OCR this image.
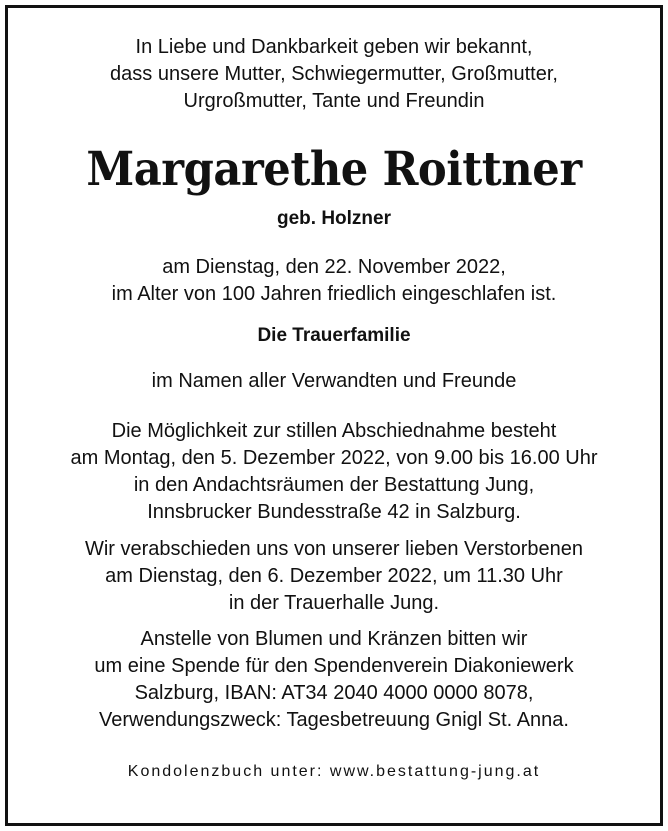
In Liebe und Dankbarkeit geben wir bekannt,

dass unsere Mutter, Schwiegermutter, Großmutter,

Urgroßmutter, Tante und Freundin

Margarethe Roittner
geb. Holzner

am Dienstag, den 22. November 2022,

im Alter von 100 Jahren friedlich eingeschlafen ist.

Die Trauerfamilie
im Namen aller Verwandten und Freunde

Die Möglichkeit zur stillen Abschiednahme besteht

am Montag, den 5. Dezember 2022, von 9.00 bis 16.00 Uhr

in den Andachtsräumen der Bestattung Jung,

Innsbrucker Bundesstraße 42 in Salzburg.

Wir verabschieden uns von unserer lieben Verstorbenen

am Dienstag, den 6. Dezember 2022, um 11.30 Uhr

in der Trauerhalle Jung.

Anstelle von Blumen und Kränzen bitten wir

um eine Spende für den Spendenverein Diakoniewerk

Salzburg, IBAN: AT34 2040 4000 0000 8078,

Verwendungszweck: Tagesbetreuung Gnigl St. Anna.

Kondolenzbuch unter: www.bestattung-jung.at
